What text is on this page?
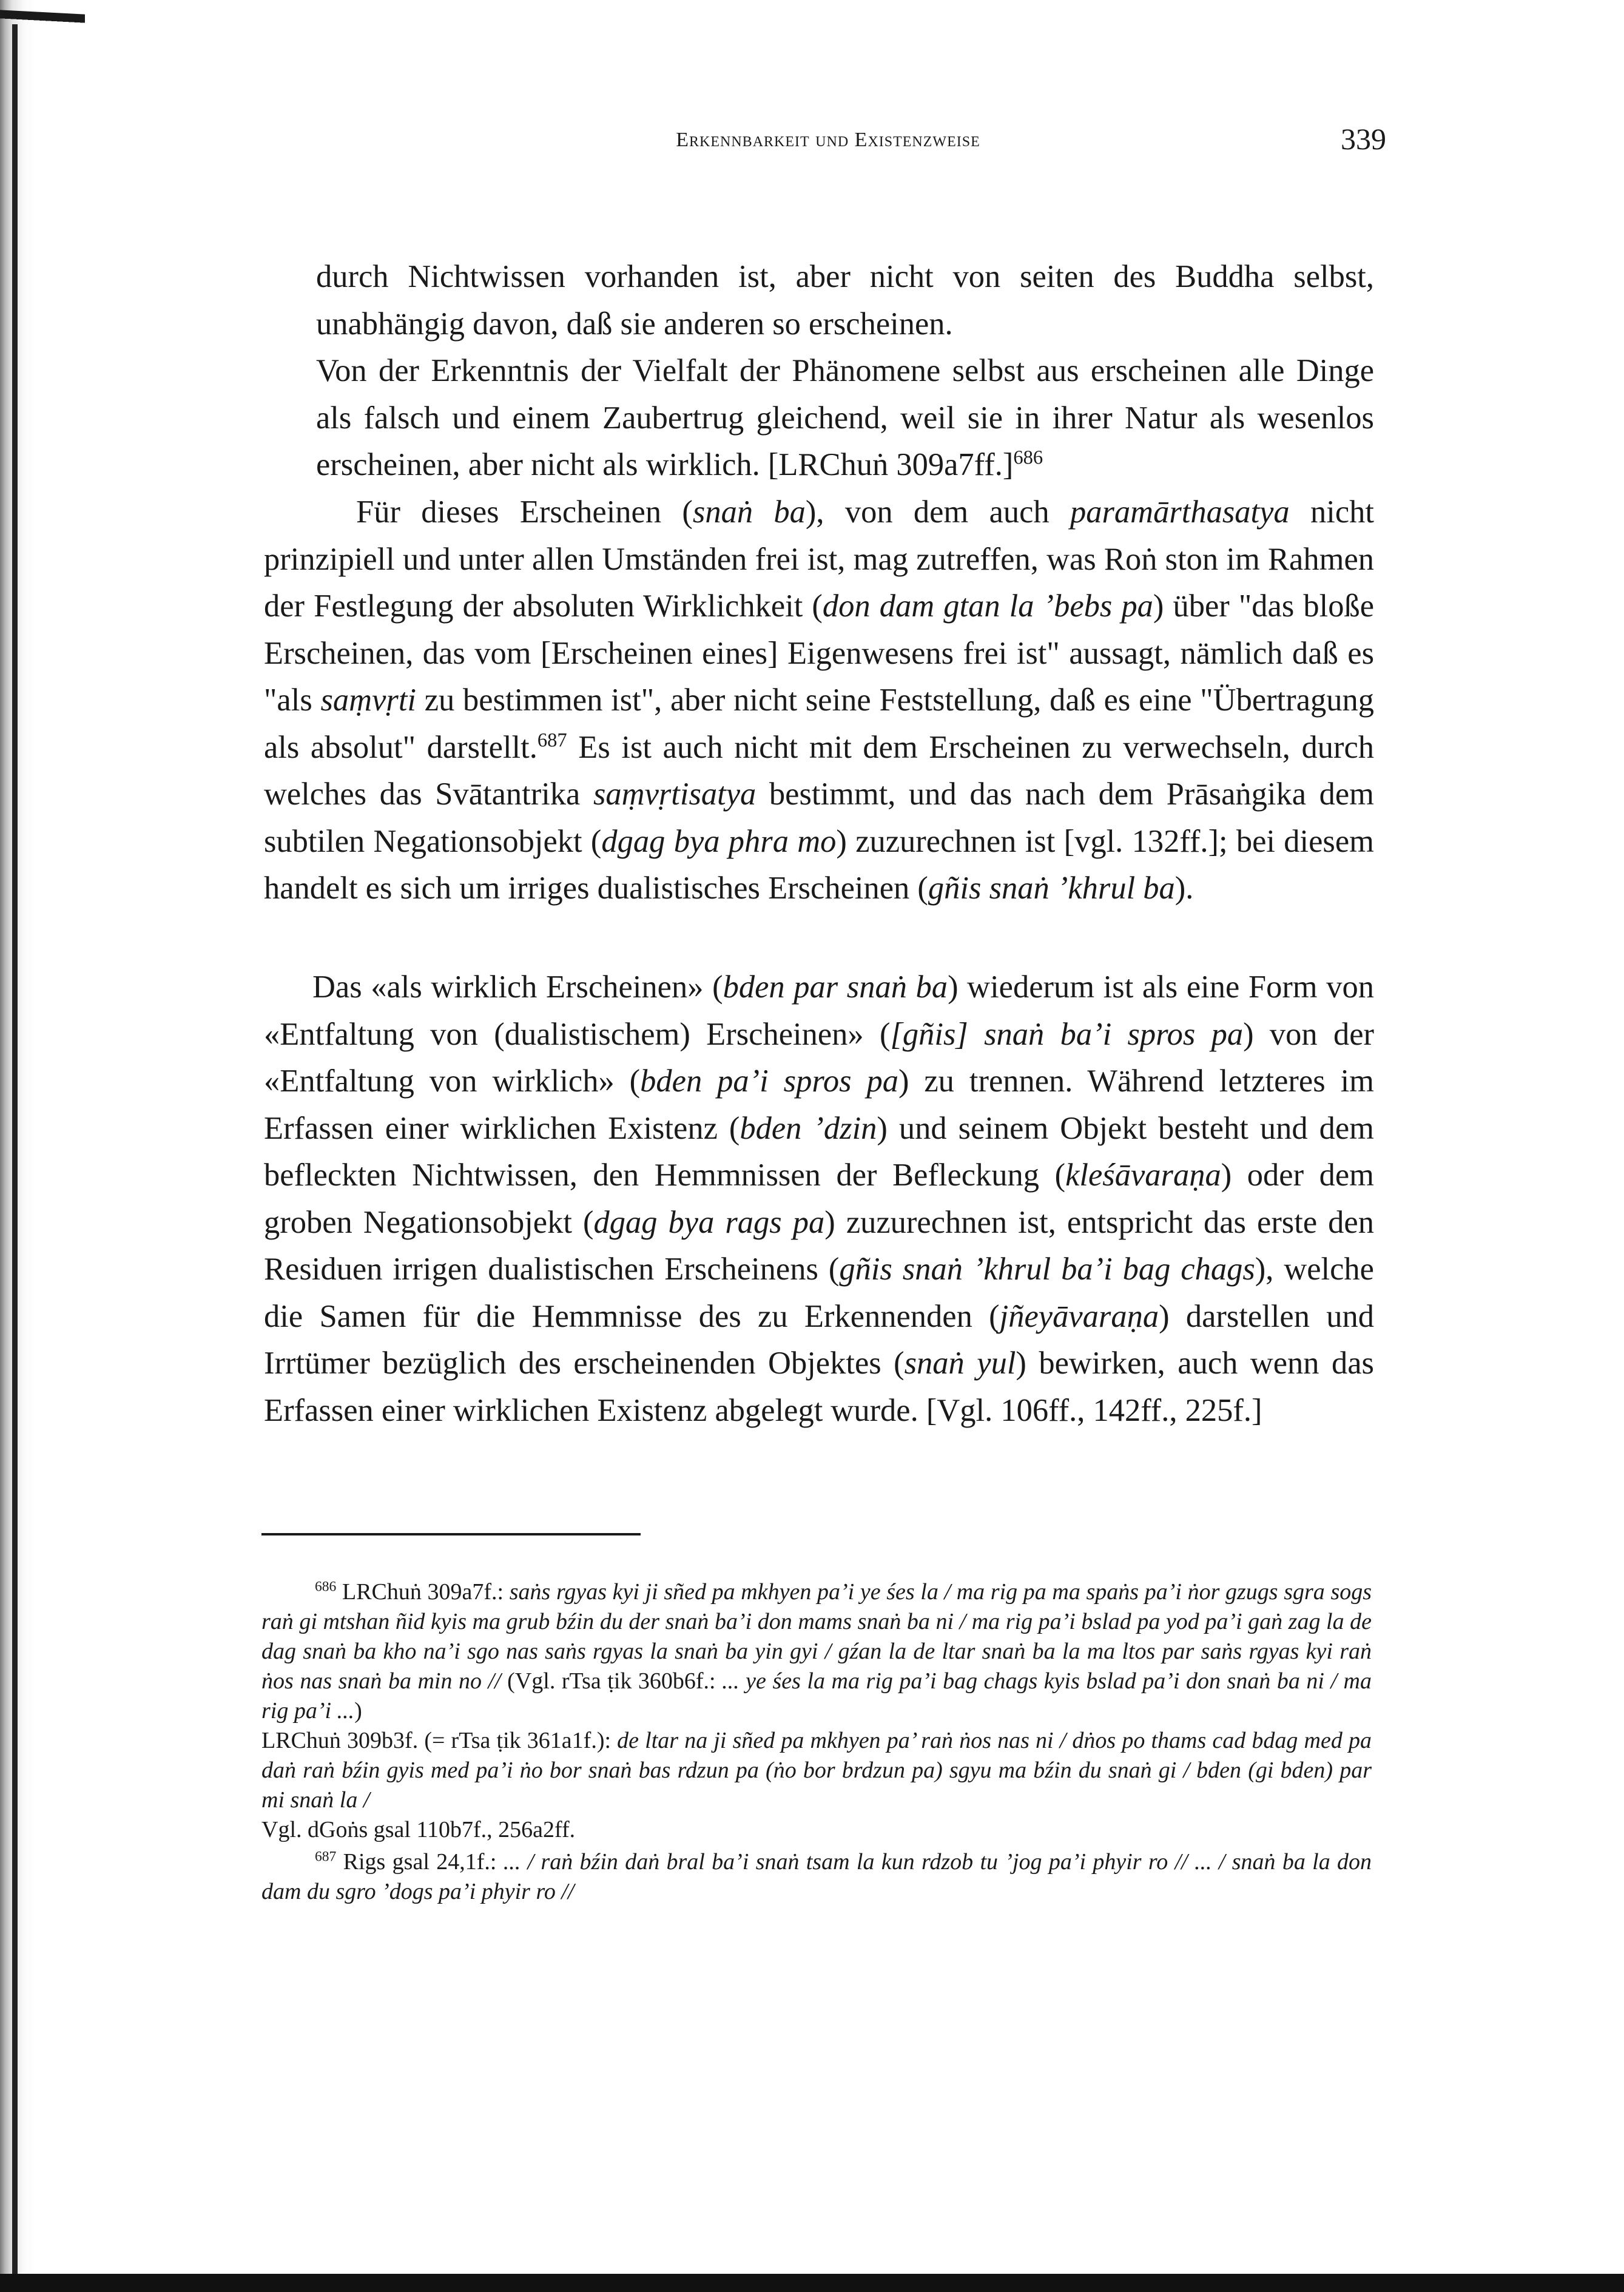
Erkennbarkeit und Existenzweise	339

durch Nichtwissen vorhanden ist, aber nicht von seiten des Buddha selbst, unabhängig davon, daß sie anderen so erscheinen.

Von der Erkenntnis der Vielfalt der Phänomene selbst aus erscheinen alle Dinge als falsch und einem Zaubertrug gleichend, weil sie in ihrer Natur als wesenlos erscheinen, aber nicht als wirklich. [LRChuṅ 309a7ff.]$^{686}$

Für dieses Erscheinen (snaṅ ba), von dem auch paramārthasatya nicht prinzipiell und unter allen Umständen frei ist, mag zutreffen, was Roṅ ston im Rahmen der Festlegung der absoluten Wirklichkeit (don dam gtan la ’bebs pa) über "das bloße Erscheinen, das vom [Erscheinen eines] Eigenwesens frei ist" aussagt, nämlich daß es "als saṃvṛti zu bestimmen ist", aber nicht seine Feststellung, daß es eine "Übertragung als absolut" darstellt.$^{687}$ Es ist auch nicht mit dem Erscheinen zu verwechseln, durch welches das Svātantrika saṃvṛtisatya bestimmt, und das nach dem Prāsaṅgika dem subtilen Negationsobjekt (dgag bya phra mo) zuzurechnen ist [vgl. 132ff.]; bei diesem handelt es sich um irriges dualistisches Erscheinen (gñis snaṅ ’khrul ba).

Das «als wirklich Erscheinen» (bden par snaṅ ba) wiederum ist als eine Form von «Entfaltung von (dualistischem) Erscheinen» ([gñis] snaṅ ba’i spros pa) von der «Entfaltung von wirklich» (bden pa’i spros pa) zu trennen. Während letzteres im Erfassen einer wirklichen Existenz (bden ’dzin) und seinem Objekt besteht und dem befleckten Nichtwissen, den Hemmnissen der Befleckung (kleśāvaraṇa) oder dem groben Negationsobjekt (dgag bya rags pa) zuzurechnen ist, entspricht das erste den Residuen irrigen dualistischen Erscheinens (gñis snaṅ ’khrul ba’i bag chags), welche die Samen für die Hemmnisse des zu Erkennenden (jñeyāvaraṇa) darstellen und Irrtümer bezüglich des erscheinenden Objektes (snaṅ yul) bewirken, auch wenn das Erfassen einer wirklichen Existenz abgelegt wurde. [Vgl. 106ff., 142ff., 225f.]

$^{686}$ LRChuṅ 309a7f.: saṅs rgyas kyi ji sñed pa mkhyen pa’i ye śes la / ma rig pa ma spaṅs pa’i ṅor gzugs sgra sogs raṅ gi mtshan ñid kyis ma grub bźin du der snaṅ ba’i don mams snaṅ ba ni / ma rig pa’i bslad pa yod pa’i gaṅ zag la de dag snaṅ ba kho na’i sgo nas saṅs rgyas la snaṅ ba yin gyi / gźan la de ltar snaṅ ba la ma ltos par saṅs rgyas kyi raṅ ṅos nas snaṅ ba min no // (Vgl. rTsa ṭik 360b6f.: ... ye śes la ma rig pa’i bag chags kyis bslad pa’i don snaṅ ba ni / ma rig pa’i ...)

LRChuṅ 309b3f. (= rTsa ṭik 361a1f.): de ltar na ji sñed pa mkhyen pa’ raṅ ṅos nas ni / dṅos po thams cad bdag med pa daṅ raṅ bźin gyis med pa’i ṅo bor snaṅ bas rdzun pa (ṅo bor brdzun pa) sgyu ma bźin du snaṅ gi / bden (gi bden) par mi snaṅ la /

Vgl. dGoṅs gsal 110b7f., 256a2ff.

$^{687}$ Rigs gsal 24,1f.: ... / raṅ bźin daṅ bral ba’i snaṅ tsam la kun rdzob tu ’jog pa’i phyir ro // ... / snaṅ ba la don dam du sgro ’dogs pa’i phyir ro //
